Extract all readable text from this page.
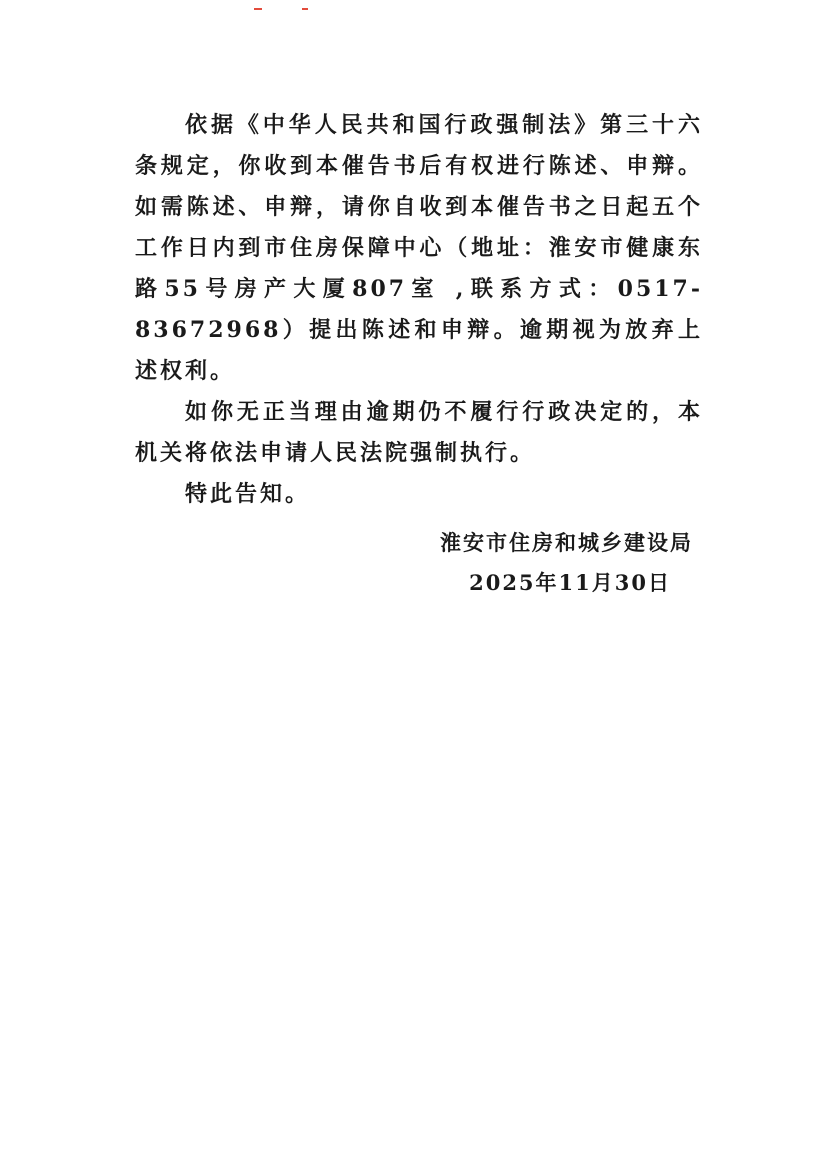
依据《中华人民共和国行政强制法》第三十六条规定，你收到本催告书后有权进行陈述、申辩。如需陈述、申辩，请你自收到本催告书之日起五个工作日内到市住房保障中心（地址：淮安市健康东路55号房产大厦807室 ,联系方式：0517-83672968）提出陈述和申辩。逾期视为放弃上述权利。

如你无正当理由逾期仍不履行行政决定的，本机关将依法申请人民法院强制执行。

特此告知。

淮安市住房和城乡建设局
2025年11月30日
